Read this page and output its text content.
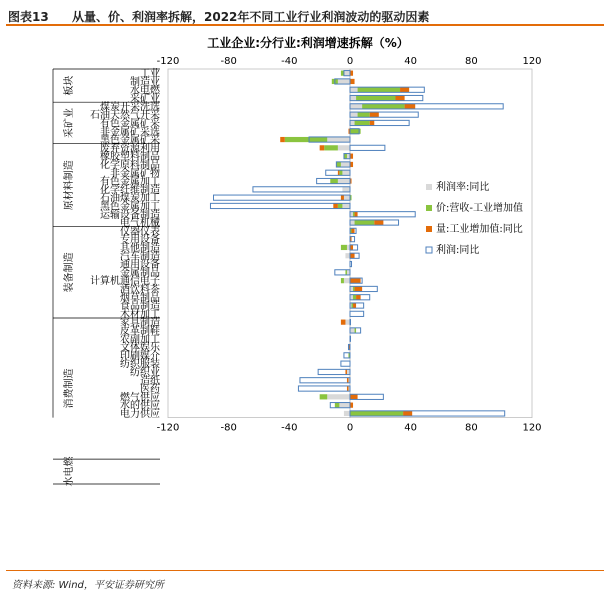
图表13 从量、价、利润率拆解，2022年不同工业行业利润波动的驱动因素
工业企业:分行业:利润增速拆解（%）
板块
采矿业
原材料制造
装备制造
消费制造
水电燃
工业
制造业
水电燃
采矿业
煤炭开采洗选
石油天然气开采
有色金属矿采
非金属矿采选
黑色金属矿采
废弃资源利用
橡胶塑料制品
化学原料制品
非金属矿物
有色金属加工
化学纤维制造
石油煤炭加工
黑色金属加工
运输设备制造
电气机械
仪器仪表
专用设备
其他制造
汽车制造
通用设备
金属制品
计算机通信电子
酒饮料茶
烟草制品
食品制造
木材加工
家具制造
皮革制鞋
农副加工
文体娱乐
印刷媒介
纺织服装
纺织业
造纸
医药
燃气供应
水的供应
电力供应
-120
-120
-80
-80
-40
-40
0
0
40
40
80
80
120
120
利润率:同比
价:营收-工业增加值
量:工业增加值:同比
利润:同比
资料来源: Wind，平安证券研究所
